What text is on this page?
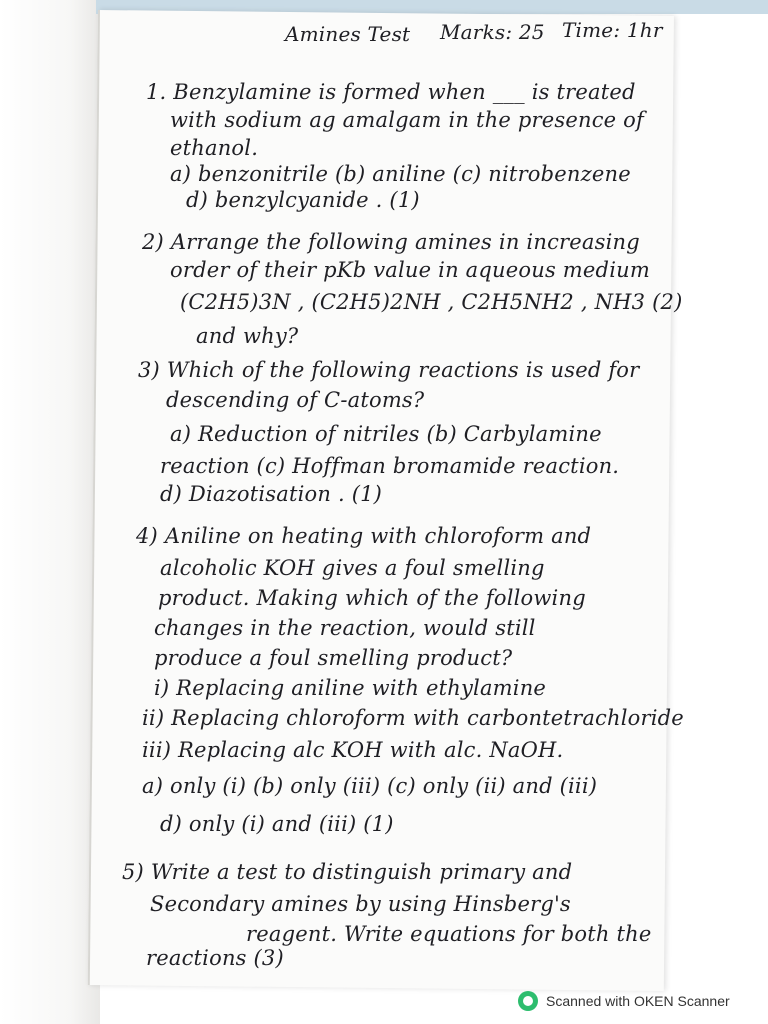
Amines Test Marks: 25 Time: 1hr
1. Benzylamine is formed when ___ is treated
with sodium ag amalgam in the presence of
ethanol.
a) benzonitrile (b) aniline (c) nitrobenzene
d) benzylcyanide . (1)
2) Arrange the following amines in increasing
order of their pKb value in aqueous medium
(C2H5)3N , (C2H5)2NH , C2H5NH2 , NH3 (2)
and why?
3) Which of the following reactions is used for
descending of C-atoms?
a) Reduction of nitriles (b) Carbylamine
reaction (c) Hoffman bromamide reaction.
d) Diazotisation . (1)
4) Aniline on heating with chloroform and
alcoholic KOH gives a foul smelling
product. Making which of the following
changes in the reaction, would still
produce a foul smelling product?
i) Replacing aniline with ethylamine
ii) Replacing chloroform with carbontetrachloride
iii) Replacing alc KOH with alc. NaOH.
a) only (i) (b) only (iii) (c) only (ii) and (iii)
d) only (i) and (iii) (1)
5) Write a test to distinguish primary and
Secondary amines by using Hinsberg's
reagent. Write equations for both the
reactions (3)
Scanned with OKEN Scanner
